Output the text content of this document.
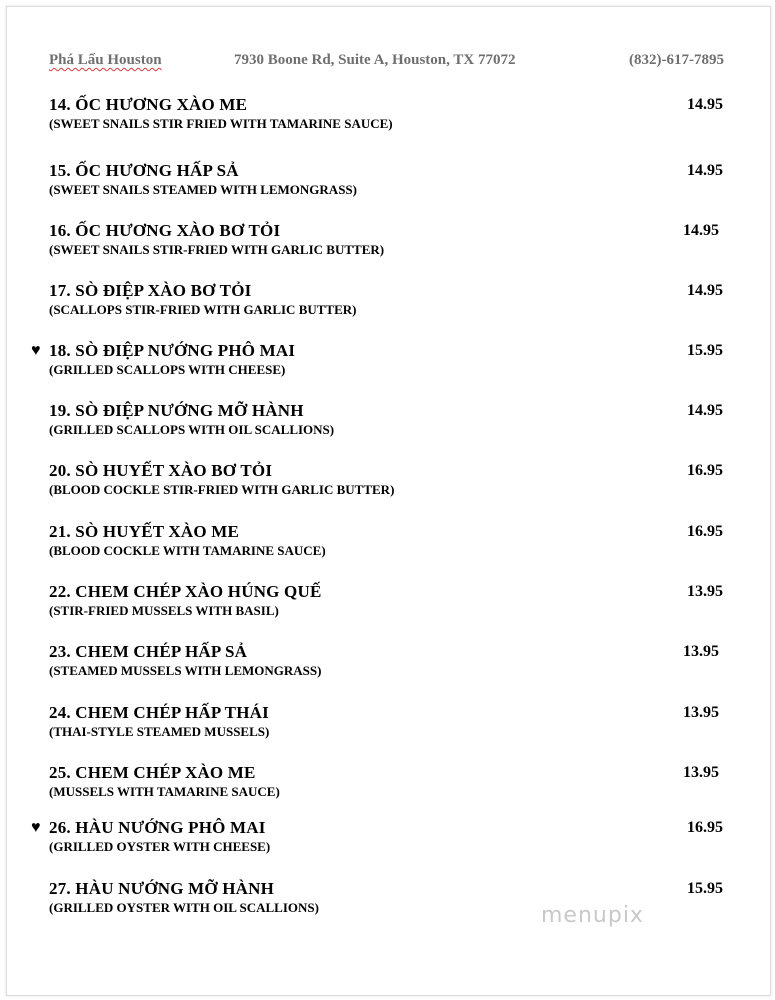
Phá Lấu Houston	7930 Boone Rd, Suite A, Houston, TX 77072	(832)-617-7895
14. ỐC HƯƠNG XÀO ME
(SWEET SNAILS STIR FRIED WITH TAMARINE SAUCE)
14.95
15. ỐC HƯƠNG HẤP SẢ
(SWEET SNAILS STEAMED WITH LEMONGRASS)
14.95
16. ỐC HƯƠNG XÀO BƠ TỎI
(SWEET SNAILS STIR-FRIED WITH GARLIC BUTTER)
14.95
17. SÒ ĐIỆP XÀO BƠ TỎI
(SCALLOPS STIR-FRIED WITH GARLIC BUTTER)
14.95
♥ 18. SÒ ĐIỆP NƯỚNG PHÔ MAI
(GRILLED SCALLOPS WITH CHEESE)
15.95
19. SÒ ĐIỆP NƯỚNG MỠ HÀNH
(GRILLED SCALLOPS WITH OIL SCALLIONS)
14.95
20. SÒ HUYẾT XÀO BƠ TỎI
(BLOOD COCKLE STIR-FRIED WITH GARLIC BUTTER)
16.95
21. SÒ HUYẾT XÀO ME
(BLOOD COCKLE WITH TAMARINE SAUCE)
16.95
22. CHEM CHÉP XÀO HÚNG QUẾ
(STIR-FRIED MUSSELS WITH BASIL)
13.95
23. CHEM CHÉP HẤP SẢ
(STEAMED MUSSELS WITH LEMONGRASS)
13.95
24. CHEM CHÉP HẤP THÁI
(THAI-STYLE STEAMED MUSSELS)
13.95
25. CHEM CHÉP XÀO ME
(MUSSELS WITH TAMARINE SAUCE)
13.95
♥ 26. HÀU NƯỚNG PHÔ MAI
(GRILLED OYSTER WITH CHEESE)
16.95
27. HÀU NƯỚNG MỠ HÀNH
(GRILLED OYSTER WITH OIL SCALLIONS)
15.95
menupix
